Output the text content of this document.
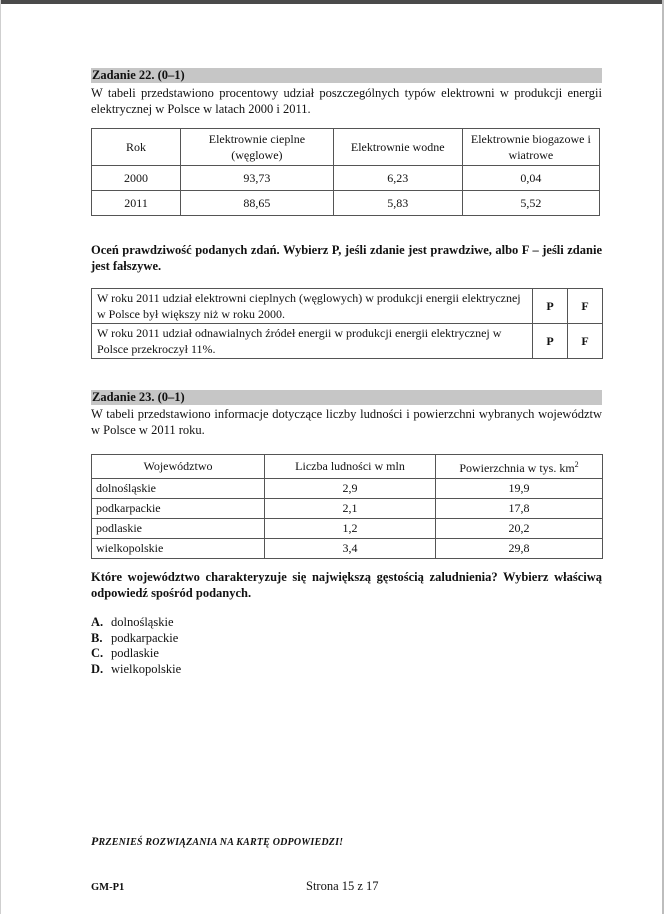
Zadanie 22. (0–1)
W tabeli przedstawiono procentowy udział poszczególnych typów elektrowni w produkcji energii elektrycznej w Polsce w latach 2000 i 2011.
Rok	Elektrownie cieplne (węglowe)	Elektrownie wodne	Elektrownie biogazowe i wiatrowe
2000	93,73	6,23	0,04
2011	88,65	5,83	5,52
Oceń prawdziwość podanych zdań. Wybierz P, jeśli zdanie jest prawdziwe, albo F – jeśli zdanie jest fałszywe.
W roku 2011 udział elektrowni cieplnych (węglowych) w produkcji energii elektrycznej w Polsce był większy niż w roku 2000.	P	F
W roku 2011 udział odnawialnych źródeł energii w produkcji energii elektrycznej w Polsce przekroczył 11%.	P	F
Zadanie 23. (0–1)
W tabeli przedstawiono informacje dotyczące liczby ludności i powierzchni wybranych województw w Polsce w 2011 roku.
Województwo	Liczba ludności w mln	Powierzchnia w tys. $km^2$
dolnośląskie	2,9	19,9
podkarpackie	2,1	17,8
podlaskie	1,2	20,2
wielkopolskie	3,4	29,8
Które województwo charakteryzuje się największą gęstością zaludnienia? Wybierz właściwą odpowiedź spośród podanych.
A. dolnośląskie
B. podkarpackie
C. podlaskie
D. wielkopolskie
PRZENIEŚ ROZWIĄZANIA NA KARTĘ ODPOWIEDZI!
GM-P1	Strona 15 z 17
